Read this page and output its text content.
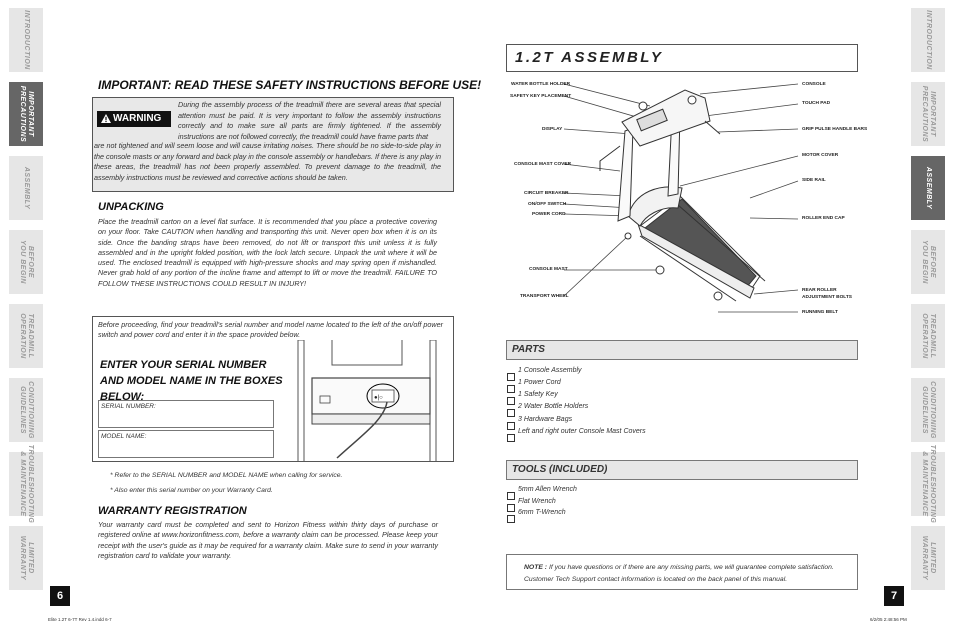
INTRODUCTION
IMPORTANT
PRECAUTIONS
ASSEMBLY
BEFORE
YOU BEGIN
TREADMILL
OPERATION
CONDITIONING
GUIDELINES
TROUBLESHOOTING
& MAINTENANCE
LIMITED
WARRANTY
INTRODUCTION
IMPORTANT
PRECAUTIONS
ASSEMBLY
BEFORE
YOU BEGIN
TREADMILL
OPERATION
CONDITIONING
GUIDELINES
TROUBLESHOOTING
& MAINTENANCE
LIMITED
WARRANTY
IMPORTANT: READ THESE SAFETY INSTRUCTIONS BEFORE USE!
WARNING
During the assembly process of the treadmill there are several areas that special attention must be paid. It is very important to follow the assembly instructions correctly and to make sure all parts are firmly tightened. If the assembly instructions are not followed correctly, the treadmill could have frame parts that
are not tightened and will seem loose and will cause irritating noises. There should be no side-to-side play in the console masts or any forward and back play in the console assembly or handlebars. If there is any play in these areas, the treadmill has not been properly assembled. To prevent damage to the treadmill, the assembly instructions must be reviewed and corrective actions should be taken.
UNPACKING
Place the treadmill carton on a level flat surface. It is recommended that you place a protective covering on your floor. Take CAUTION when handling and transporting this unit. Never open box when it is on its side. Once the banding straps have been removed, do not lift or transport this unit unless it is fully assembled and in the upright folded position, with the lock latch secure. Unpack the unit where it will be used. The enclosed treadmill is equipped with high-pressure shocks and may spring open if mishandled. Never grab hold of any portion of the incline frame and attempt to lift or move the treadmill. FAILURE TO FOLLOW THESE INSTRUCTIONS COULD RESULT IN INJURY!
Before proceeding, find your treadmill's serial number and model name located to the left of the on/off power switch and power cord and enter it in the space provided below.
ENTER YOUR SERIAL NUMBER AND MODEL NAME IN THE BOXES BELOW:
SERIAL NUMBER:
MODEL NAME:
●|○
* Refer to the SERIAL NUMBER and MODEL NAME when calling for service.
* Also enter this serial number on your Warranty Card.
WARRANTY REGISTRATION
Your warranty card must be completed and sent to Horizon Fitness within thirty days of purchase or registered online at www.horizonfitness.com, before a warranty claim can be processed. Please keep your receipt with the user's guide as it may be required for a warranty claim. Make sure to send in your warranty registration card to validate your warranty.
6
1.2T ASSEMBLY
WATER BOTTLE HOLDER
SAFETY KEY PLACEMENT
DISPLAY
CONSOLE MAST COVER
CIRCUIT BREAKER
ON/OFF SWITCH
POWER CORD
CONSOLE MAST
TRANSPORT WHEEL
CONSOLE
TOUCH PAD
GRIP PULSE HANDLE BARS
MOTOR COVER
SIDE RAIL
ROLLER END CAP
REAR ROLLER
ADJUSTMENT BOLTS
RUNNING BELT
PARTS
1 Console Assembly
1 Power Cord
1 Safety Key
2 Water Bottle Holders
3 Hardware Bags
Left and right outer Console Mast Covers
TOOLS (INCLUDED)
5mm Allen Wrench
Flat Wrench
6mm T-Wrench
NOTE : If you have questions or if there are any missing parts, we will guarantee complete satisfaction.
Customer Tech Support contact information is located on the back panel of this manual.
7
Elite 1.2T 6-7T Rev 1.4.indd 6-7	6/2/05 2:48:56 PM
